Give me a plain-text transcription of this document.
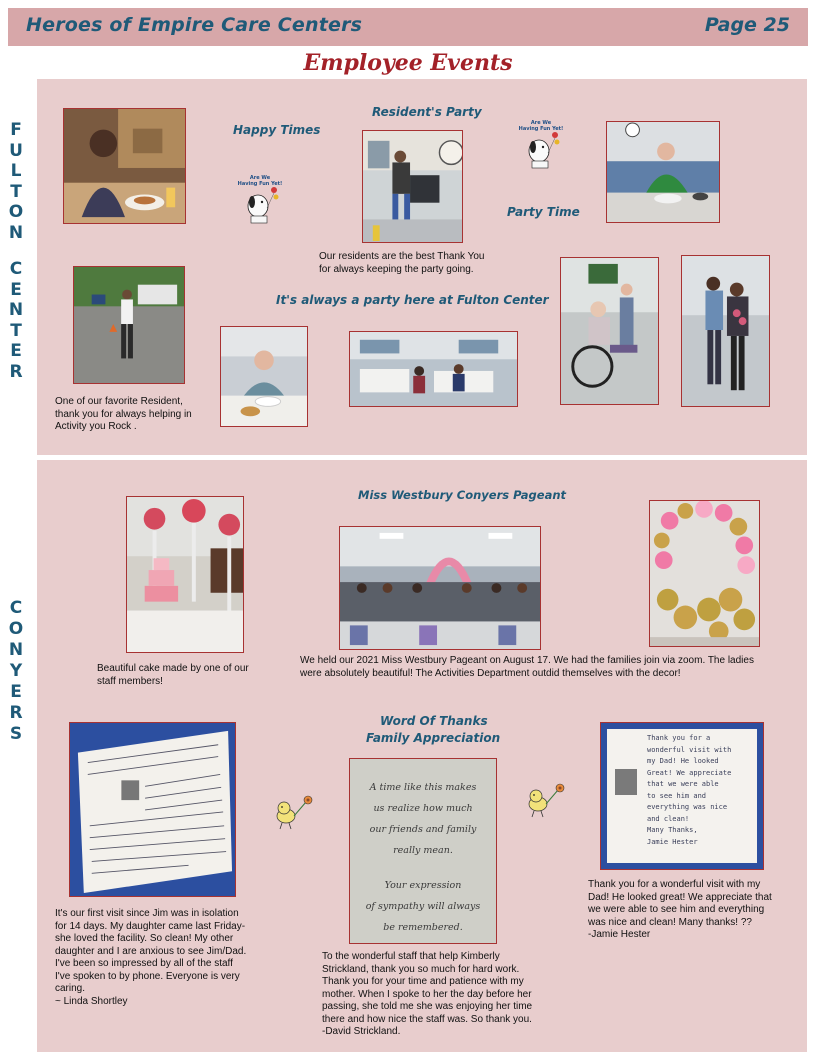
Heroes of Empire Care Centers	Page 25
Employee Events
F
U
L
T
O
N
C
E
N
T
E
R
C
O
N
Y
E
R
S
Happy Times
Are We
Having Fun Yet!
Resident's Party
Are We
Having Fun Yet!
Party Time
Our residents are the best Thank You
for always keeping the party going.
It's always a party here at Fulton Center
One of our favorite Resident,
thank you for always helping in
Activity you Rock .
Miss Westbury Conyers Pageant
Beautiful cake made by one of our
staff members!
We held our 2021 Miss Westbury Pageant on August 17. We had the families join via zoom. The ladies
were absolutely beautiful! The Activities Department outdid themselves with the decor!
Word Of Thanks
Family Appreciation
A time like this makes
us realize how much
our friends and family
really mean.
Your expression
of sympathy will always
be remembered.
Thank you for a
wonderful visit with
my Dad! He looked
Great! We appreciate
that we were able
to see him and
everything was nice
and clean!
Many Thanks,
Jamie Hester
Thank you for a wonderful visit with my
Dad! He looked great! We appreciate that
we were able to see him and everything
was nice and clean! Many thanks! ??
-Jamie Hester
It's our first visit since Jim was in isolation
for 14 days. My daughter came last Friday-
she loved the facility. So clean! My other
daughter and I are anxious to see Jim/Dad.
I've been so impressed by all of the staff
I've spoken to by phone. Everyone is very
caring.
~ Linda Shortley
To the wonderful staff that help Kimberly
Strickland, thank you so much for hard work.
Thank you for your time and patience with my
mother. When I spoke to her the day before her
passing, she told me she was enjoying her time
there and how nice the staff was. So thank you.
-David Strickland.
